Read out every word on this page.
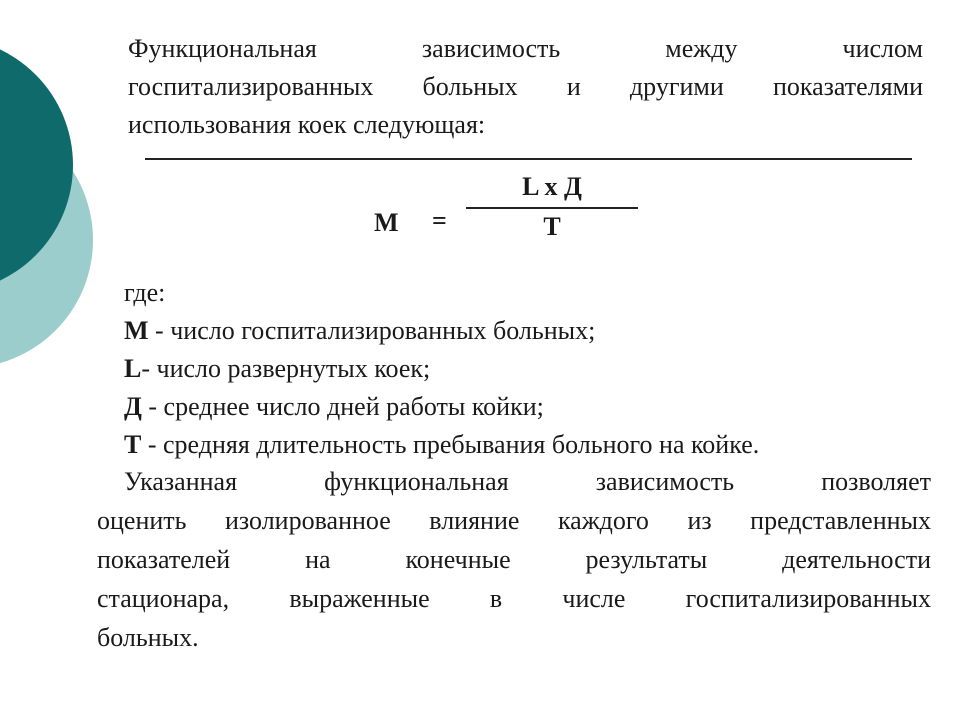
Функциональная зависимость между числом
госпитализированных больных и другими показателями
использования коек следующая:
M =
L х Д
Т
где:
М - число госпитализированных больных;
L- число развернутых коек;
Д - среднее число дней работы койки;
Т - средняя длительность пребывания больного на койке.
Указанная функциональная зависимость позволяет
оценить изолированное влияние каждого из представленных
показателей на конечные результаты деятельности
стационара, выраженные в числе госпитализированных
больных.
